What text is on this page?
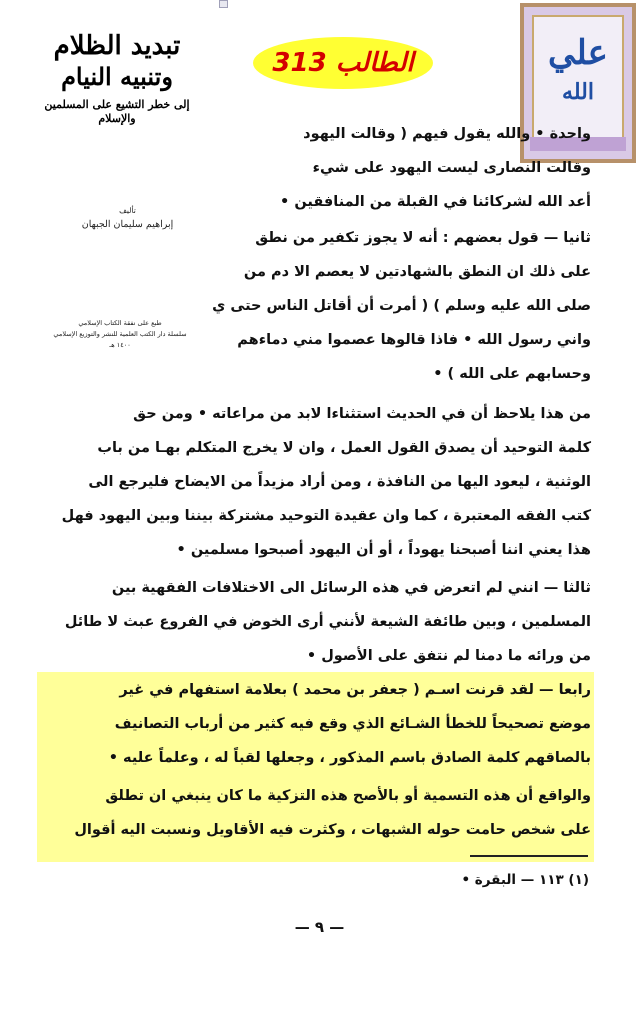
تبديد الظلام
وتنبيه النيام
إلى خطر التشيع على المسلمين والإسلام
الطالب 313
تأليف
إبراهيم سليمان الجبهان
طبع على نفقة الكتاب الإسلامي
سلسلة دار الكتب العلمية للنشر والتوزيع الإسلامي
١٤٠٠ هـ
علي
الله
واحدة • والله يقول فيهم ( وقالت اليهود
وقالت النصارى ليست اليهود على شيء
أعد الله لشركائنا في القبلة من المنافقين •
ثانيا — قول بعضهم : أنه لا يجوز تكفير من نطق
على ذلك ان النطق بالشهادتين لا يعصم الا دم من
صلى الله عليه وسلم ) ( أمرت أن أقاتل الناس حتى ي
واني رسول الله • فاذا قالوها عصموا مني دماءهم
وحسابهم على الله ) •
من هذا يلاحظ أن في الحديث استثناءا لابد من مراعاته • ومن حق
كلمة التوحيد أن يصدق القول العمل ، وان لا يخرج المتكلم بهـا من باب
الوثنية ، ليعود اليها من النافذة ، ومن أراد مزيداً من الايضاح فليرجع الى
كتب الفقه المعتبرة ، كما وان عقيدة التوحيد مشتركة بيننا وبين اليهود فهل
هذا يعني اننا أصبحنا يهوداً ، أو أن اليهود أصبحوا مسلمين •
ثالثا — انني لم اتعرض في هذه الرسائل الى الاختلافات الفقهية بين
المسلمين ، وبين طائفة الشيعة لأنني أرى الخوض في الفروع عبث لا طائل
من ورائه ما دمنا لم نتفق على الأصول •
رابعا — لقد قرنت اسـم ( جعفر بن محمد ) بعلامة استفهام في غير
موضع تصحيحاً للخطأ الشـائع الذي وقع فيه كثير من أرباب التصانيف
بالصاقهم كلمة الصادق باسم المذكور ، وجعلها لقباً له ، وعلماً عليه •
والواقع أن هذه التسمية أو بالأصح هذه التزكية ما كان ينبغي ان تطلق
على شخص حامت حوله الشبهات ، وكثرت فيه الأقاويل ونسبت اليه أقوال
(١) ١١٣ — البقرة •
— ٩ —
